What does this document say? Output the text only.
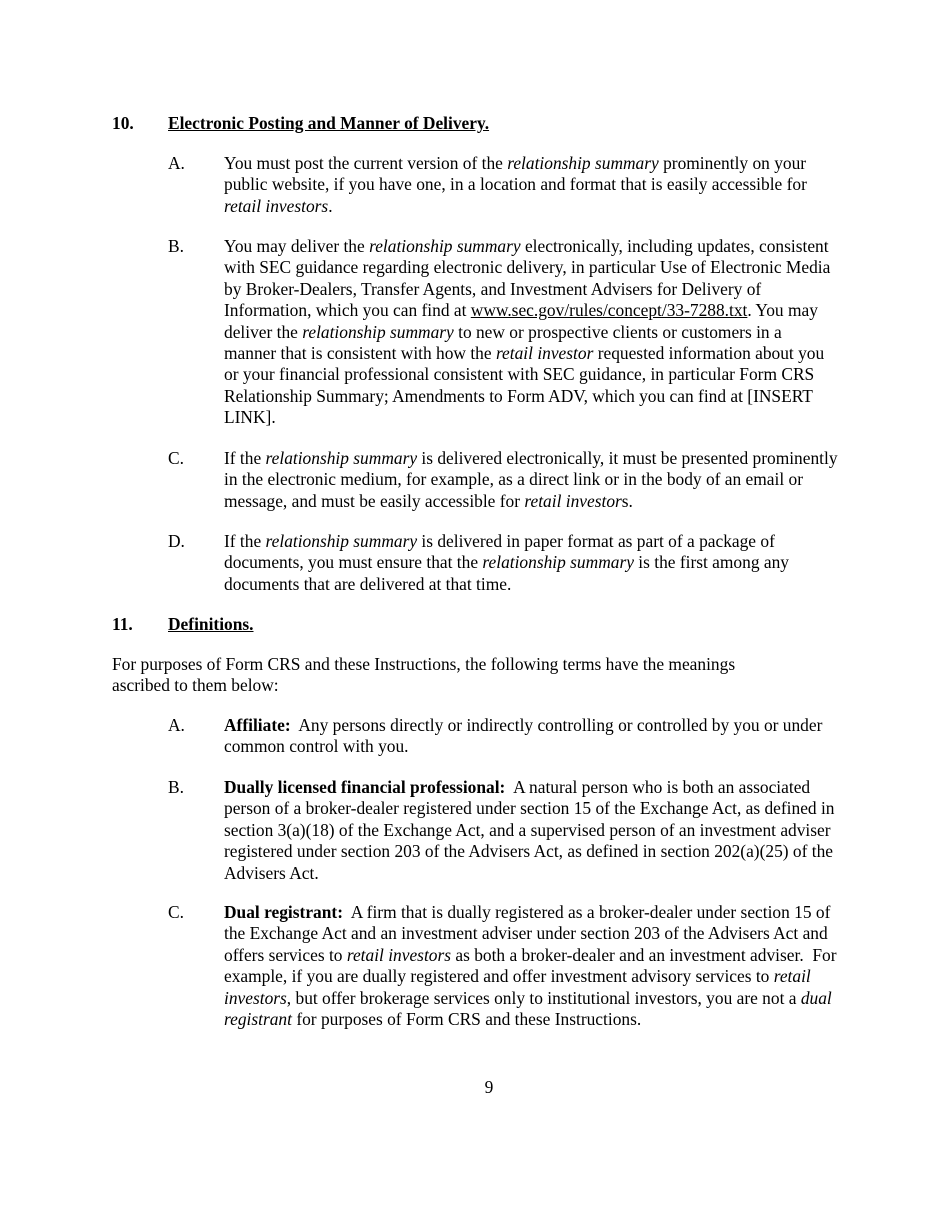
10. Electronic Posting and Manner of Delivery.
A. You must post the current version of the relationship summary prominently on your public website, if you have one, in a location and format that is easily accessible for retail investors.
B. You may deliver the relationship summary electronically, including updates, consistent with SEC guidance regarding electronic delivery, in particular Use of Electronic Media by Broker-Dealers, Transfer Agents, and Investment Advisers for Delivery of Information, which you can find at www.sec.gov/rules/concept/33-7288.txt. You may deliver the relationship summary to new or prospective clients or customers in a manner that is consistent with how the retail investor requested information about you or your financial professional consistent with SEC guidance, in particular Form CRS Relationship Summary; Amendments to Form ADV, which you can find at [INSERT LINK].
C. If the relationship summary is delivered electronically, it must be presented prominently in the electronic medium, for example, as a direct link or in the body of an email or message, and must be easily accessible for retail investors.
D. If the relationship summary is delivered in paper format as part of a package of documents, you must ensure that the relationship summary is the first among any documents that are delivered at that time.
11. Definitions.
For purposes of Form CRS and these Instructions, the following terms have the meanings ascribed to them below:
A. Affiliate:  Any persons directly or indirectly controlling or controlled by you or under common control with you.
B. Dually licensed financial professional:  A natural person who is both an associated person of a broker-dealer registered under section 15 of the Exchange Act, as defined in section 3(a)(18) of the Exchange Act, and a supervised person of an investment adviser registered under section 203 of the Advisers Act, as defined in section 202(a)(25) of the Advisers Act.
C. Dual registrant:  A firm that is dually registered as a broker-dealer under section 15 of the Exchange Act and an investment adviser under section 203 of the Advisers Act and offers services to retail investors as both a broker-dealer and an investment adviser.  For example, if you are dually registered and offer investment advisory services to retail investors, but offer brokerage services only to institutional investors, you are not a dual registrant for purposes of Form CRS and these Instructions.
9
